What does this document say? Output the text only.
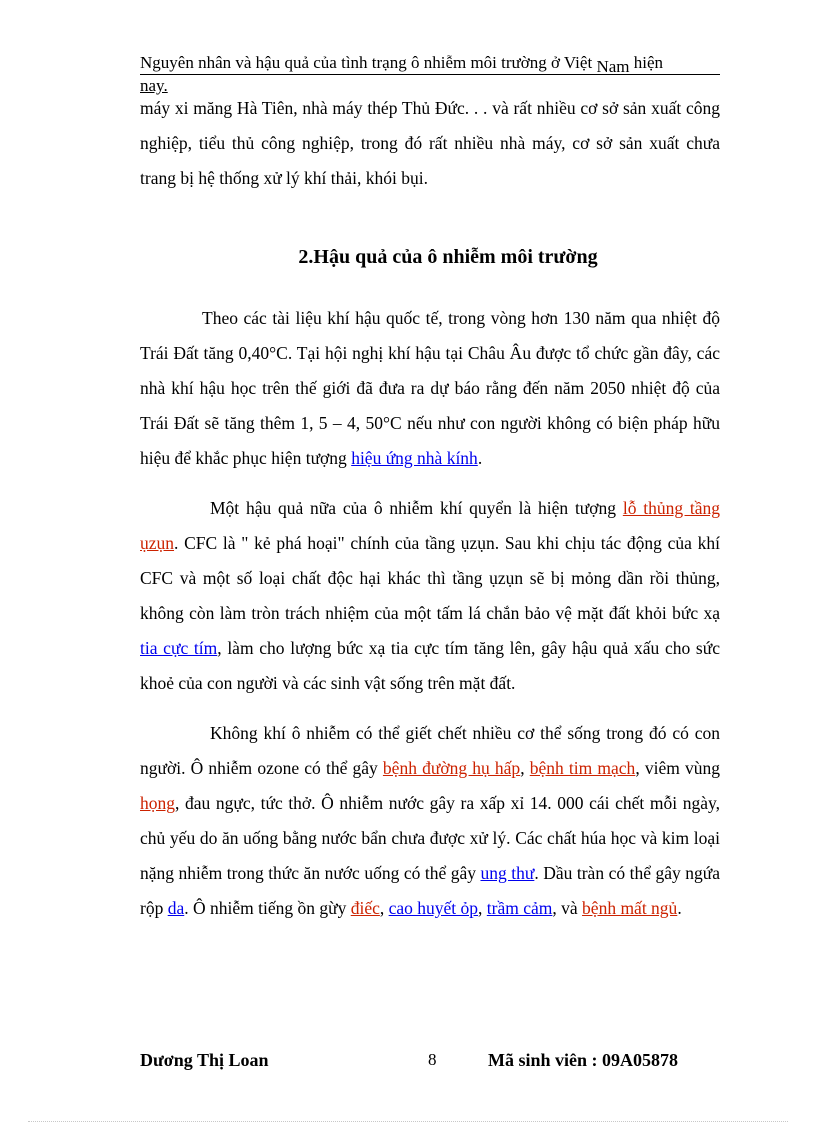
Nguyên nhân và hậu quả của tình trạng ô nhiễm môi trường ở Việt Nam hiện
nay.

máy xi măng Hà Tiên, nhà máy thép Thủ Đức. . . và rất nhiều cơ sở sản xuất công nghiệp, tiểu thủ công nghiệp, trong đó rất nhiều nhà máy, cơ sở sản xuất chưa trang bị hệ thống xử lý khí thải, khói bụi.

2.Hậu quả của ô nhiễm môi trường

Theo các tài liệu khí hậu quốc tế, trong vòng hơn 130 năm qua nhiệt độ Trái Đất tăng 0,40°C. Tại hội nghị khí hậu tại Châu Âu được tổ chức gần đây, các nhà khí hậu học trên thế giới đã đưa ra dự báo rằng đến năm 2050 nhiệt độ của Trái Đất sẽ tăng thêm 1, 5 – 4, 50°C nếu như con người không có biện pháp hữu hiệu để khắc phục hiện tượng hiệu ứng nhà kính.

Một hậu quả nữa của ô nhiễm khí quyển là hiện tượng lỗ thủng tầng ụzụn. CFC là " kẻ phá hoại" chính của tầng ụzụn. Sau khi chịu tác động của khí CFC và một số loại chất độc hại khác thì tầng ụzụn sẽ bị mỏng dần rồi thủng, không còn làm tròn trách nhiệm của một tấm lá chắn bảo vệ mặt đất khỏi bức xạ tia cực tím, làm cho lượng bức xạ tia cực tím tăng lên, gây hậu quả xấu cho sức khoẻ của con người và các sinh vật sống trên mặt đất.

Không khí ô nhiễm có thể giết chết nhiều cơ thể sống trong đó có con người. Ô nhiễm ozone có thể gây bệnh đường hụ hấp, bệnh tim mạch, viêm vùng họng, đau ngực, tức thở. Ô nhiễm nước gây ra xấp xỉ 14. 000 cái chết mỗi ngày, chủ yếu do ăn uống bằng nước bẩn chưa được xử lý. Các chất húa học và kim loại nặng nhiễm trong thức ăn nước uống có thể gây ung thư. Dầu tràn có thể gây ngứa rộp da. Ô nhiễm tiếng ồn gừy điếc, cao huyết ỏp, trầm cảm, và bệnh mất ngủ.

Dương Thị Loan	8	Mã sinh viên : 09A05878
